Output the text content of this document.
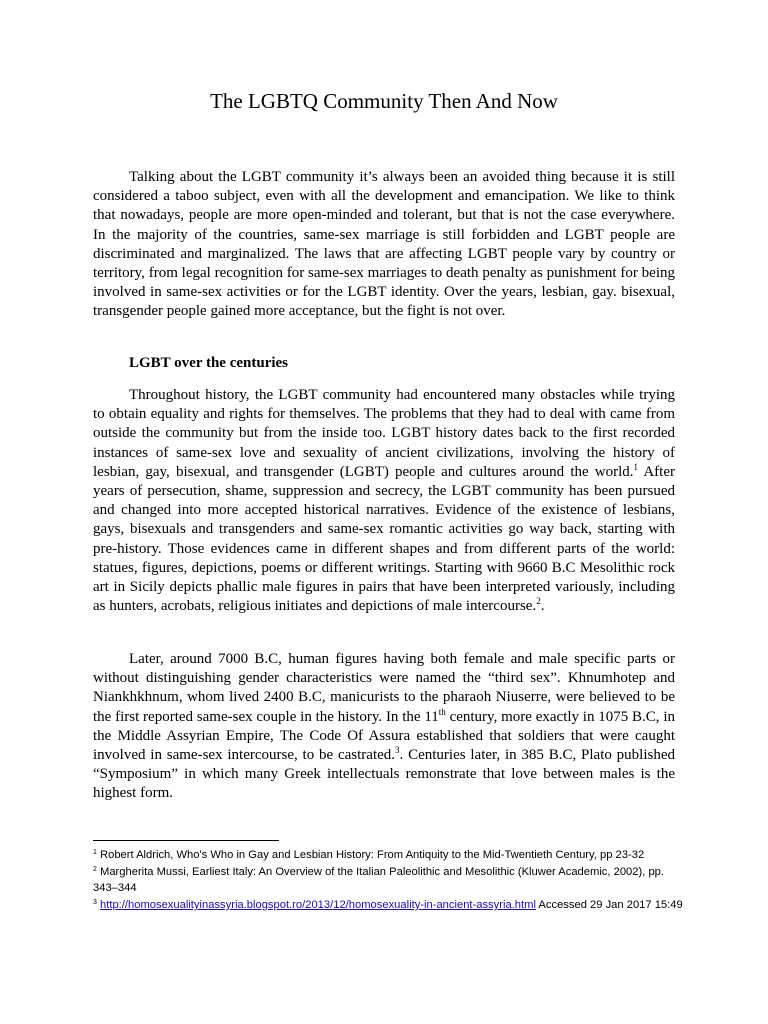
The LGBTQ Community Then And Now

Talking about the LGBT community it’s always been an avoided thing because it is still considered a taboo subject, even with all the development and emancipation. We like to think that nowadays, people are more open-minded and tolerant, but that is not the case everywhere. In the majority of the countries, same-sex marriage is still forbidden and LGBT people are discriminated and marginalized. The laws that are affecting LGBT people vary by country or territory, from legal recognition for same-sex marriages to death penalty as punishment for being involved in same-sex activities or for the LGBT identity. Over the years, lesbian, gay. bisexual, transgender people gained more acceptance, but the fight is not over.

LGBT over the centuries

Throughout history, the LGBT community had encountered many obstacles while trying to obtain equality and rights for themselves. The problems that they had to deal with came from outside the community but from the inside too. LGBT history dates back to the first recorded instances of same-sex love and sexuality of ancient civilizations, involving the history of lesbian, gay, bisexual, and transgender (LGBT) people and cultures around the world.$^1$ After years of persecution, shame, suppression and secrecy, the LGBT community has been pursued and changed into more accepted historical narratives. Evidence of the existence of lesbians, gays, bisexuals and transgenders and same-sex romantic activities go way back, starting with pre-history. Those evidences came in different shapes and from different parts of the world: statues, figures, depictions, poems or different writings. Starting with 9660 B.C Mesolithic rock art in Sicily depicts phallic male figures in pairs that have been interpreted variously, including as hunters, acrobats, religious initiates and depictions of male intercourse.$^2$.

Later, around 7000 B.C, human figures having both female and male specific parts or without distinguishing gender characteristics were named the “third sex”. Khnumhotep and Niankhkhnum, whom lived 2400 B.C, manicurists to the pharaoh Niuserre, were believed to be the first reported same-sex couple in the history. In the 11th century, more exactly in 1075 B.C, in the Middle Assyrian Empire, The Code Of Assura established that soldiers that were caught involved in same-sex intercourse, to be castrated.$^3$. Centuries later, in 385 B.C, Plato published “Symposium” in which many Greek intellectuals remonstrate that love between males is the highest form.

$^1$ Robert Aldrich, Who's Who in Gay and Lesbian History: From Antiquity to the Mid-Twentieth Century, pp 23-32

$^2$ Margherita Mussi, Earliest Italy: An Overview of the Italian Paleolithic and Mesolithic (Kluwer Academic, 2002), pp. 343–344

$^3$ http://homosexualityinassyria.blogspot.ro/2013/12/homosexuality-in-ancient-assyria.html Accessed 29 Jan 2017 15:49
